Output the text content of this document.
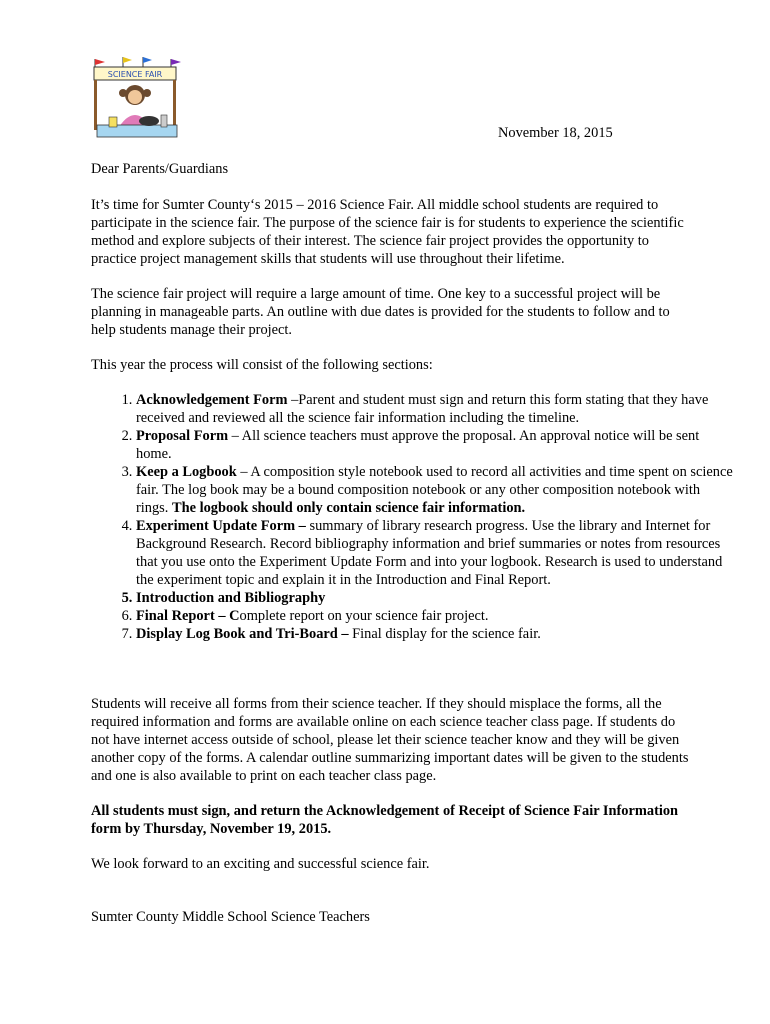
SCIENCE FAIR
November 18, 2015

Dear Parents/Guardians

It’s time for Sumter County‘s 2015 – 2016 Science Fair. All middle school students are required to participate in the science fair. The purpose of the science fair is for students to experience the scientific method and explore subjects of their interest. The science fair project provides the opportunity to practice project management skills that students will use throughout their lifetime.

The science fair project will require a large amount of time. One key to a successful project will be planning in manageable parts. An outline with due dates is provided for the students to follow and to help students manage their project.

This year the process will consist of the following sections:

1. Acknowledgement Form –Parent and student must sign and return this form stating that they have received and reviewed all the science fair information including the timeline.
2. Proposal Form – All science teachers must approve the proposal. An approval notice will be sent home.
3. Keep a Logbook – A composition style notebook used to record all activities and time spent on science fair. The log book may be a bound composition notebook or any other composition notebook with rings. The logbook should only contain science fair information.
4. Experiment Update Form – summary of library research progress. Use the library and Internet for Background Research. Record bibliography information and brief summaries or notes from resources that you use onto the Experiment Update Form and into your logbook. Research is used to understand the experiment topic and explain it in the Introduction and Final Report.
5. Introduction and Bibliography
6. Final Report – Complete report on your science fair project.
7. Display Log Book and Tri-Board – Final display for the science fair.

Students will receive all forms from their science teacher. If they should misplace the forms, all the required information and forms are available online on each science teacher class page. If students do not have internet access outside of school, please let their science teacher know and they will be given another copy of the forms. A calendar outline summarizing important dates will be given to the students and one is also available to print on each teacher class page.

All students must sign, and return the Acknowledgement of Receipt of Science Fair Information form by Thursday, November 19, 2015.

We look forward to an exciting and successful science fair.

Sumter County Middle School Science Teachers
